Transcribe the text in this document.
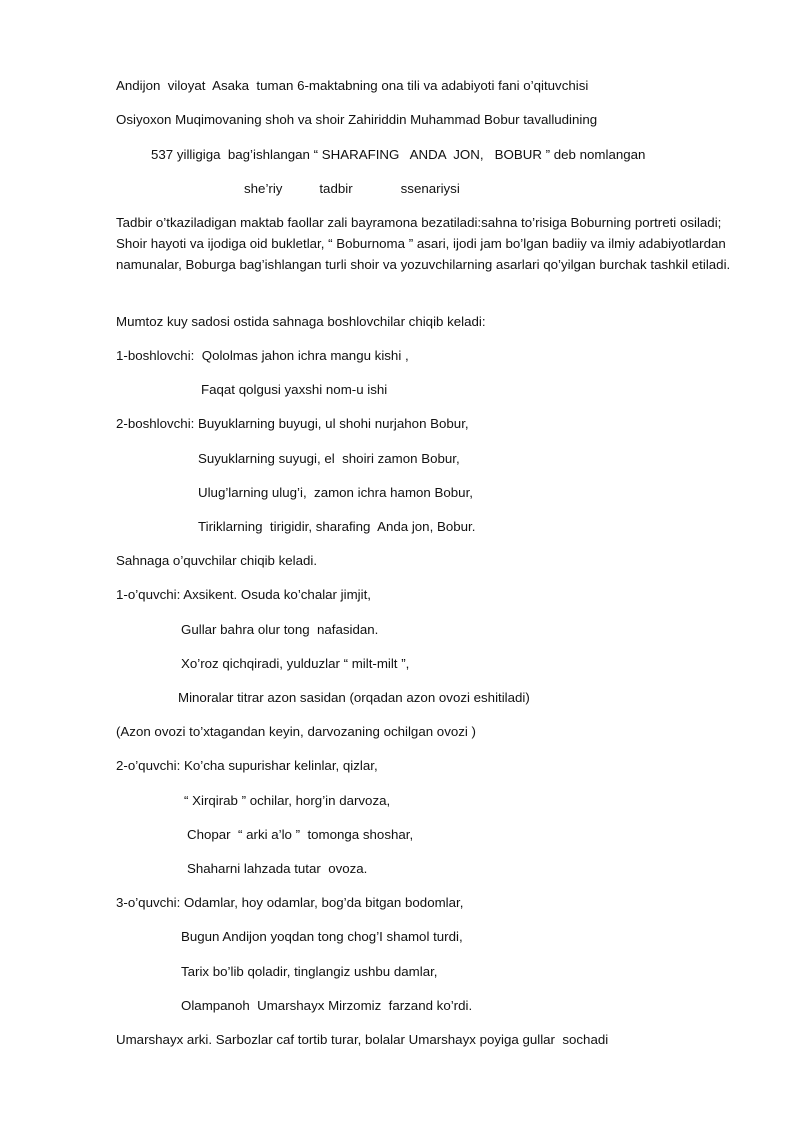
Andijon  viloyat  Asaka  tuman 6-maktabning ona tili va adabiyoti fani o’qituvchisi
Osiyoxon Muqimovaning shoh va shoir Zahiriddin Muhammad Bobur tavalludining
537 yilligiga  bag’ishlangan “ SHARAFING   ANDA  JON,   BOBUR ” deb nomlangan
she’riy          tadbir             ssenariysi
Tadbir o’tkaziladigan maktab faollar zali bayramona bezatiladi:sahna to’risiga Boburning portreti osiladi; Shoir hayoti va ijodiga oid bukletlar, “ Boburnoma ” asari, ijodi jam bo’lgan badiiy va ilmiy adabiyotlardan namunalar, Boburga bag’ishlangan turli shoir va yozuvchilarning asarlari qo’yilgan burchak tashkil etiladi.
Mumtoz kuy sadosi ostida sahnaga boshlovchilar chiqib keladi:
1-boshlovchi:  Qololmas jahon ichra mangu kishi ,
Faqat qolgusi yaxshi nom-u ishi
2-boshlovchi: Buyuklarning buyugi, ul shohi nurjahon Bobur,
Suyuklarning suyugi, el  shoiri zamon Bobur,
Ulug’larning ulug’i,  zamon ichra hamon Bobur,
Tiriklarning  tirigidir, sharafing  Anda jon, Bobur.
Sahnaga o’quvchilar chiqib keladi.
1-o’quvchi: Axsikent. Osuda ko’chalar jimjit,
Gullar bahra olur tong  nafasidan.
Xo’roz qichqiradi, yulduzlar “ milt-milt ”,
Minoralar titrar azon sasidan (orqadan azon ovozi eshitiladi)
(Azon ovozi to’xtagandan keyin, darvozaning ochilgan ovozi )
2-o’quvchi: Ko’cha supurishar kelinlar, qizlar,
“ Xirqirab ” ochilar, horg’in darvoza,
Chopar  “ arki a’lo ”  tomonga shoshar,
Shaharni lahzada tutar  ovoza.
3-o’quvchi: Odamlar, hoy odamlar, bog’da bitgan bodomlar,
Bugun Andijon yoqdan tong chog’I shamol turdi,
Tarix bo’lib qoladir, tinglangiz ushbu damlar,
Olampanoh  Umarshayx Mirzomiz  farzand ko’rdi.
Umarshayx arki. Sarbozlar caf tortib turar, bolalar Umarshayx poyiga gullar  sochadi
